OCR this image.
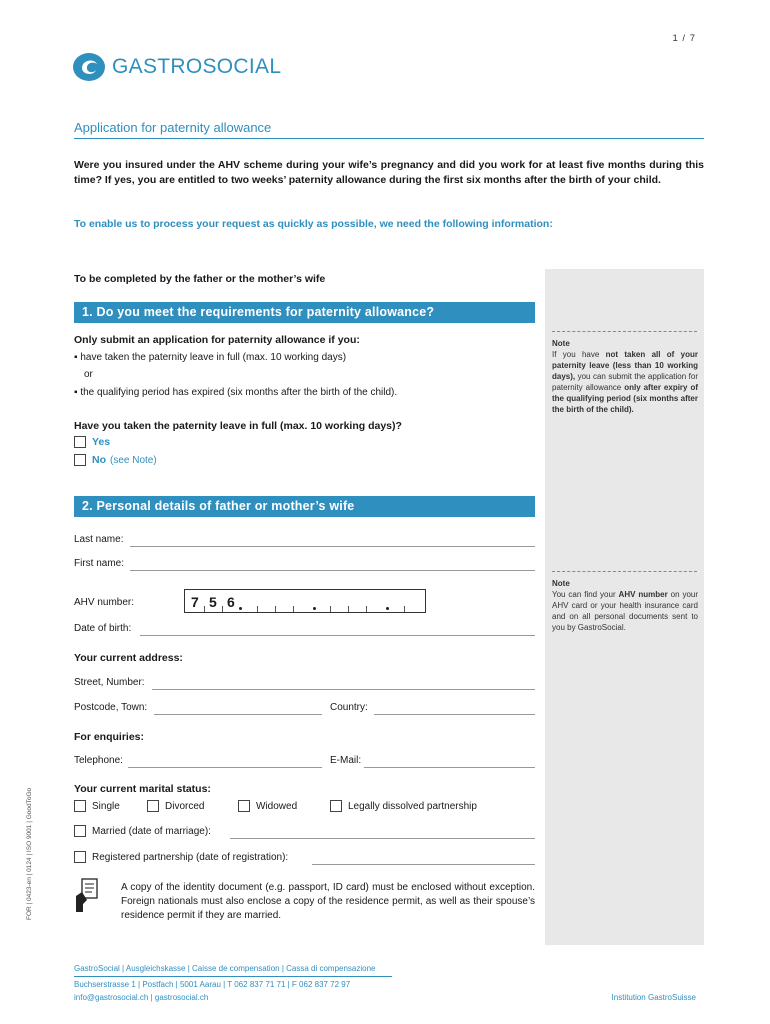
1 / 7
GASTROSOCIAL
Application for paternity allowance
Were you insured under the AHV scheme during your wife’s pregnancy and did you work for at least five months during this time? If yes, you are entitled to two weeks’ paternity allowance during the first six months after the birth of your child.
To enable us to process your request as quickly as possible, we need the following information:
To be completed by the father or the mother’s wife
1. Do you meet the requirements for paternity allowance?
Only submit an application for paternity allowance if you:
▪ have taken the paternity leave in full (max. 10 working days)
or
▪ the qualifying period has expired (six months after the birth of the child).
Have you taken the paternity leave in full (max. 10 working days)?
Yes
No (see Note)
Note
If you have not taken all of your paternity leave (less than 10 working days), you can submit the application for paternity allowance only after expiry of the qualifying period (six months after the birth of the child).
2. Personal details of father or mother’s wife
Last name:
First name:
AHV number:	7 5 6
Date of birth:
Your current address:
Street, Number:
Postcode, Town:	Country:
For enquiries:
Telephone:	E-Mail:
Your current marital status:
Single	Divorced	Widowed	Legally dissolved partnership
Married (date of marriage):
Registered partnership (date of registration):
A copy of the identity document (e.g. passport, ID card) must be enclosed without exception. Foreign nationals must also enclose a copy of the residence permit, as well as their spouse’s residence permit if they are married.
Note
You can find your AHV number on your AHV card or your health insurance card and on all personal documents sent to you by GastroSocial.
FOR | 0423-en | 0124 | ISO 9001 | GoodToGo
GastroSocial | Ausgleichskasse | Caisse de compensation | Cassa di compensazione
Buchserstrasse 1 | Postfach | 5001 Aarau | T 062 837 71 71 | F 062 837 72 97
info@gastrosocial.ch | gastrosocial.ch	Institution GastroSuisse
